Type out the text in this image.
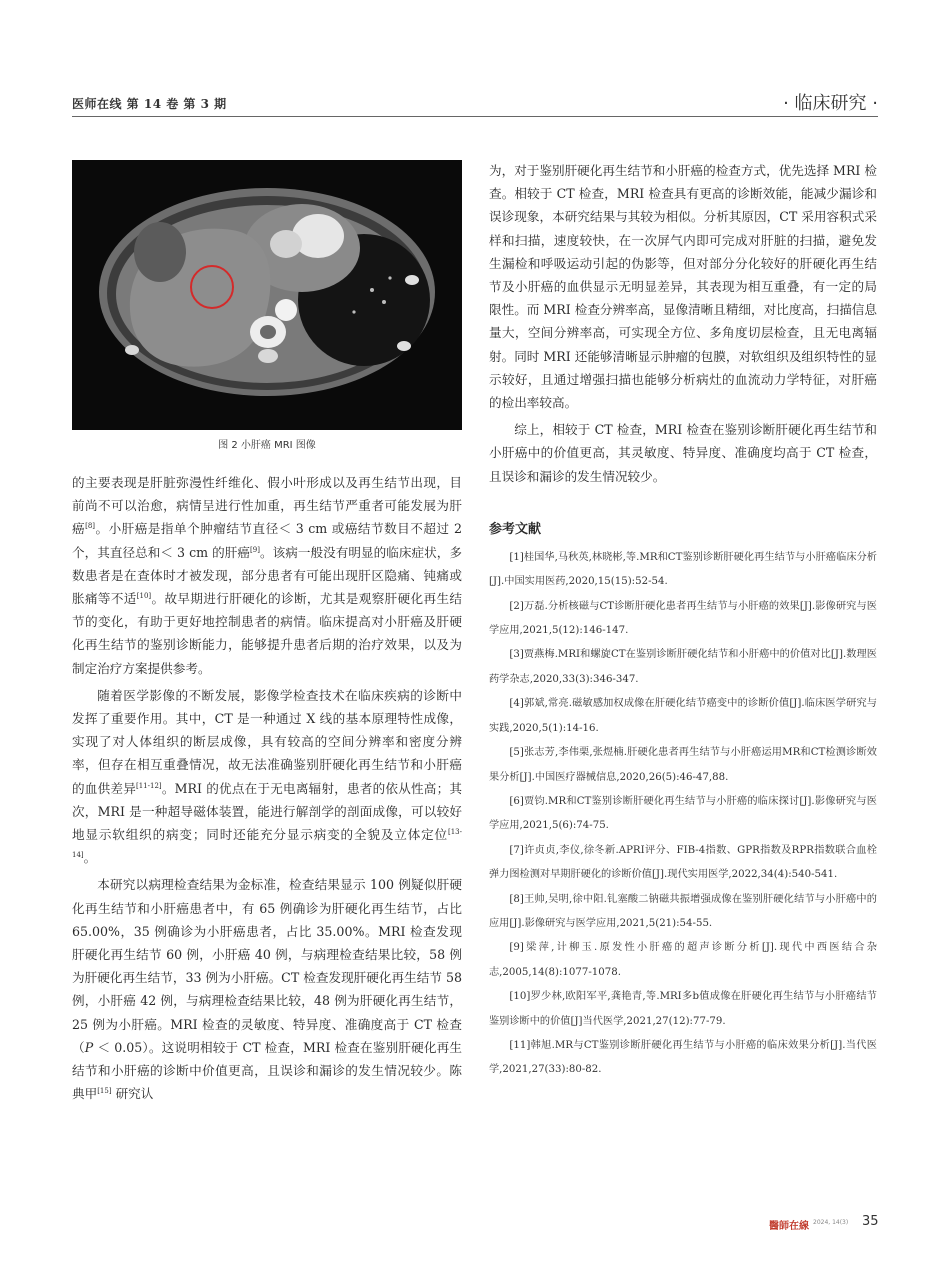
医师在线 第 14 卷 第 3 期	· 临床研究 ·
图 2 小肝癌 MRI 图像

的主要表现是肝脏弥漫性纤维化、假小叶形成以及再生结节出现，目前尚不可以治愈，病情呈进行性加重，再生结节严重者可能发展为肝癌[8]。小肝癌是指单个肿瘤结节直径＜ 3 cm 或癌结节数目不超过 2 个，其直径总和＜ 3 cm 的肝癌[9]。该病一般没有明显的临床症状，多数患者是在查体时才被发现，部分患者有可能出现肝区隐痛、钝痛或胀痛等不适[10]。故早期进行肝硬化的诊断，尤其是观察肝硬化再生结节的变化，有助于更好地控制患者的病情。临床提高对小肝癌及肝硬化再生结节的鉴别诊断能力，能够提升患者后期的治疗效果，以及为制定治疗方案提供参考。

随着医学影像的不断发展，影像学检查技术在临床疾病的诊断中发挥了重要作用。其中，CT 是一种通过 X 线的基本原理特性成像，实现了对人体组织的断层成像，具有较高的空间分辨率和密度分辨率，但存在相互重叠情况，故无法准确鉴别肝硬化再生结节和小肝癌的血供差异[11-12]。MRI 的优点在于无电离辐射，患者的依从性高；其次，MRI 是一种超导磁体装置，能进行解剖学的剖面成像，可以较好地显示软组织的病变；同时还能充分显示病变的全貌及立体定位[13-14]。

本研究以病理检查结果为金标准，检查结果显示 100 例疑似肝硬化再生结节和小肝癌患者中，有 65 例确诊为肝硬化再生结节，占比 65.00%，35 例确诊为小肝癌患者，占比 35.00%。MRI 检查发现肝硬化再生结节 60 例，小肝癌 40 例，与病理检查结果比较，58 例为肝硬化再生结节，33 例为小肝癌。CT 检查发现肝硬化再生结节 58 例，小肝癌 42 例，与病理检查结果比较，48 例为肝硬化再生结节，25 例为小肝癌。MRI 检查的灵敏度、特异度、准确度高于 CT 检查（P ＜ 0.05）。这说明相较于 CT 检查，MRI 检查在鉴别肝硬化再生结节和小肝癌的诊断中价值更高，且误诊和漏诊的发生情况较少。陈典甲[15] 研究认

为，对于鉴别肝硬化再生结节和小肝癌的检查方式，优先选择 MRI 检查。相较于 CT 检查，MRI 检查具有更高的诊断效能，能减少漏诊和误诊现象，本研究结果与其较为相似。分析其原因，CT 采用容积式采样和扫描，速度较快，在一次屏气内即可完成对肝脏的扫描，避免发生漏检和呼吸运动引起的伪影等，但对部分分化较好的肝硬化再生结节及小肝癌的血供显示无明显差异，其表现为相互重叠，有一定的局限性。而 MRI 检查分辨率高，显像清晰且精细，对比度高，扫描信息量大，空间分辨率高，可实现全方位、多角度切层检查，且无电离辐射。同时 MRI 还能够清晰显示肿瘤的包膜，对软组织及组织特性的显示较好，且通过增强扫描也能够分析病灶的血流动力学特征，对肝癌的检出率较高。

综上，相较于 CT 检查，MRI 检查在鉴别诊断肝硬化再生结节和小肝癌中的价值更高，其灵敏度、特异度、准确度均高于 CT 检查，且误诊和漏诊的发生情况较少。

参考文献

[1]桂国华,马秋英,林晓彬,等.MR和CT鉴别诊断肝硬化再生结节与小肝癌临床分析[J].中国实用医药,2020,15(15):52-54.

[2]万磊.分析核磁与CT诊断肝硬化患者再生结节与小肝癌的效果[J].影像研究与医学应用,2021,5(12):146-147.

[3]贾燕梅.MRI和螺旋CT在鉴别诊断肝硬化结节和小肝癌中的价值对比[J].数理医药学杂志,2020,33(3):346-347.

[4]郭斌,常亮.磁敏感加权成像在肝硬化结节癌变中的诊断价值[J].临床医学研究与实践,2020,5(1):14-16.

[5]张志芳,李伟栗,张煜楠.肝硬化患者再生结节与小肝癌运用MR和CT检测诊断效果分析[J].中国医疗器械信息,2020,26(5):46-47,88.

[6]贾钧.MR和CT鉴别诊断肝硬化再生结节与小肝癌的临床探讨[J].影像研究与医学应用,2021,5(6):74-75.

[7]许贞贞,李仪,徐冬新.APRI评分、FIB-4指数、GPR指数及RPR指数联合血栓弹力图检测对早期肝硬化的诊断价值[J].现代实用医学,2022,34(4):540-541.

[8]王帅,吴明,徐中阳.钆塞酸二钠磁共振增强成像在鉴别肝硬化结节与小肝癌中的应用[J].影像研究与医学应用,2021,5(21):54-55.

[9]梁萍,计柳玉.原发性小肝癌的超声诊断分析[J].现代中西医结合杂志,2005,14(8):1077-1078.

[10]罗少林,欧阳军平,龚艳青,等.MRI多b值成像在肝硬化再生结节与小肝癌结节鉴别诊断中的价值[J]当代医学,2021,27(12):77-79.

[11]韩旭.MR与CT鉴别诊断肝硬化再生结节与小肝癌的临床效果分析[J].当代医学,2021,27(33):80-82.

醫師在線 2024, 14(3) 35
